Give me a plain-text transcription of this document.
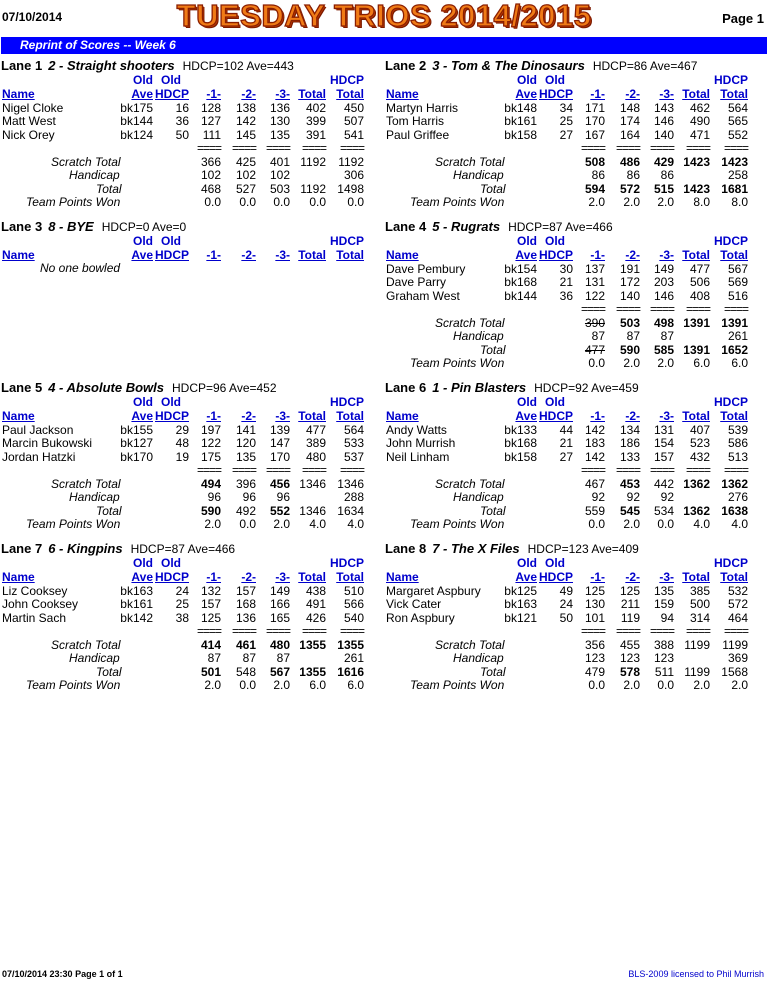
07/10/2014	TUESDAY TRIOS 2014/2015	Page 1
Reprint of Scores -- Week 6
Lane 1 2 - Straight shooters HDCP=102 Ave=443
Old Old	HDCP
Name	Ave HDCP -1- -2- -3- Total Total
Nigel Cloke	bk175 16 128 138 136 402 450
Matt West	bk144 36 127 142 130 399 507
Nick Orey	bk124 50 111 145 135 391 541
==== ==== ==== ==== ====
Scratch Total	366 425 401 1192 1192
Handicap	102 102 102	306
Total	468 527 503 1192 1498
Team Points Won	0.0 0.0 0.0 0.0 0.0
Lane 2 3 - Tom & The Dinosaurs HDCP=86 Ave=467
Old Old	HDCP
Name	Ave HDCP -1- -2- -3- Total Total
Martyn Harris	bk148 34 171 148 143 462 564
Tom Harris	bk161 25 170 174 146 490 565
Paul Griffee	bk158 27 167 164 140 471 552
==== ==== ==== ==== ====
Scratch Total	508 486 429 1423 1423
Handicap	86 86 86	258
Total	594 572 515 1423 1681
Team Points Won	2.0 2.0 2.0 8.0 8.0
Lane 3 8 - BYE HDCP=0 Ave=0
Old Old	HDCP
Name	Ave HDCP -1- -2- -3- Total Total
No one bowled
Lane 4 5 - Rugrats HDCP=87 Ave=466
Old Old	HDCP
Name	Ave HDCP -1- -2- -3- Total Total
Dave Pembury	bk154 30 137 191 149 477 567
Dave Parry	bk168 21 131 172 203 506 569
Graham West	bk144 36 122 140 146 408 516
==== ==== ==== ==== ====
Scratch Total	390 503 498 1391 1391
Handicap	87 87 87	261
Total	477 590 585 1391 1652
Team Points Won	0.0 2.0 2.0 6.0 6.0
Lane 5 4 - Absolute Bowls HDCP=96 Ave=452
Old Old	HDCP
Name	Ave HDCP -1- -2- -3- Total Total
Paul Jackson	bk155 29 197 141 139 477 564
Marcin Bukowski bk127 48 122 120 147 389 533
Jordan Hatzki	bk170 19 175 135 170 480 537
==== ==== ==== ==== ====
Scratch Total	494 396 456 1346 1346
Handicap	96 96 96	288
Total	590 492 552 1346 1634
Team Points Won	2.0 0.0 2.0 4.0 4.0
Lane 6 1 - Pin Blasters HDCP=92 Ave=459
Old Old	HDCP
Name	Ave HDCP -1- -2- -3- Total Total
Andy Watts	bk133 44 142 134 131 407 539
John Murrish	bk168 21 183 186 154 523 586
Neil Linham	bk158 27 142 133 157 432 513
==== ==== ==== ==== ====
Scratch Total	467 453 442 1362 1362
Handicap	92 92 92	276
Total	559 545 534 1362 1638
Team Points Won	0.0 2.0 0.0 4.0 4.0
Lane 7 6 - Kingpins HDCP=87 Ave=466
Old Old	HDCP
Name	Ave HDCP -1- -2- -3- Total Total
Liz Cooksey	bk163 24 132 157 149 438 510
John Cooksey	bk161 25 157 168 166 491 566
Martin Sach	bk142 38 125 136 165 426 540
==== ==== ==== ==== ====
Scratch Total	414 461 480 1355 1355
Handicap	87 87 87	261
Total	501 548 567 1355 1616
Team Points Won	2.0 0.0 2.0 6.0 6.0
Lane 8 7 - The X Files HDCP=123 Ave=409
Old Old	HDCP
Name	Ave HDCP -1- -2- -3- Total Total
Margaret Aspbury bk125 49 125 125 135 385 532
Vick Cater	bk163 24 130 211 159 500 572
Ron Aspbury	bk121 50 101 119 94 314 464
==== ==== ==== ==== ====
Scratch Total	356 455 388 1199 1199
Handicap	123 123 123	369
Total	479 578 511 1199 1568
Team Points Won	0.0 2.0 0.0 2.0 2.0
07/10/2014 23:30 Page 1 of 1	BLS-2009 licensed to Phil Murrish
